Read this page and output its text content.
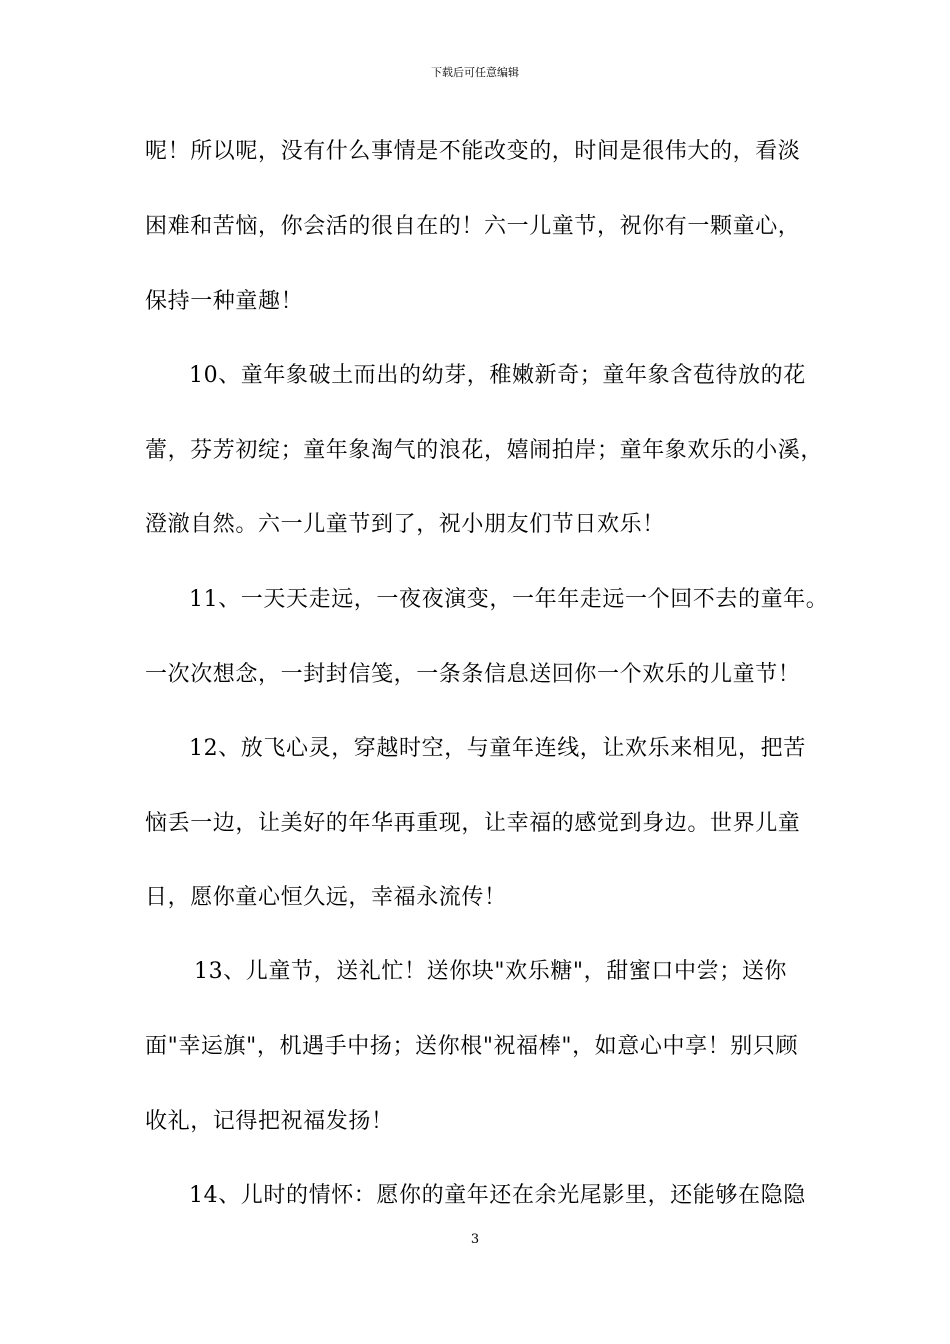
下载后可任意编辑
呢！所以呢，没有什么事情是不能改变的，时间是很伟大的，看淡
困难和苦恼，你会活的很自在的！六一儿童节，祝你有一颗童心，
保持一种童趣！
10、童年象破土而出的幼芽，稚嫩新奇；童年象含苞待放的花
蕾，芬芳初绽；童年象淘气的浪花，嬉闹拍岸；童年象欢乐的小溪，
澄澈自然。六一儿童节到了，祝小朋友们节日欢乐！
11、一天天走远，一夜夜演变，一年年走远一个回不去的童年。
一次次想念，一封封信笺，一条条信息送回你一个欢乐的儿童节！
12、放飞心灵，穿越时空，与童年连线，让欢乐来相见，把苦
恼丢一边，让美好的年华再重现，让幸福的感觉到身边。世界儿童
日，愿你童心恒久远，幸福永流传！
13、儿童节，送礼忙！送你块"欢乐糖"，甜蜜口中尝；送你
面"幸运旗"，机遇手中扬；送你根"祝福棒"，如意心中享！别只顾
收礼，记得把祝福发扬！
14、儿时的情怀：愿你的童年还在余光尾影里，还能够在隐隐
3
